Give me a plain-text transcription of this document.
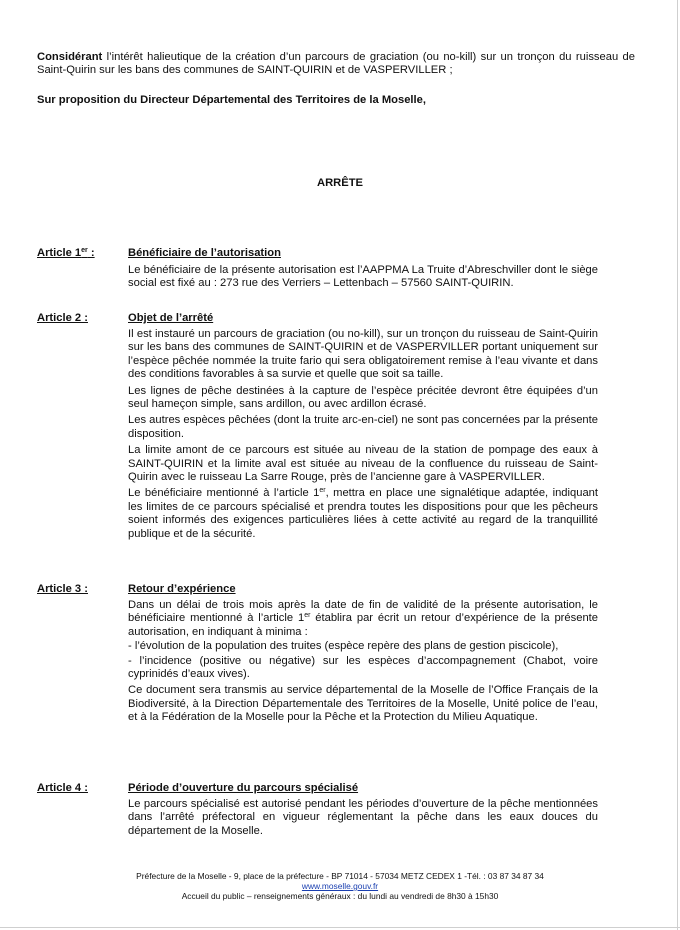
Considérant l’intérêt halieutique de la création d’un parcours de graciation (ou no-kill) sur un tronçon du ruisseau de Saint-Quirin sur les bans des communes de SAINT-QUIRIN et de VASPERVILLER ;
Sur proposition du Directeur Départemental des Territoires de la Moselle,
ARRÊTE
Article 1er :	Bénéficiaire de l’autorisation

Le bénéficiaire de la présente autorisation est l’AAPPMA La Truite d’Abreschviller dont le siège social est fixé au : 273 rue des Verriers – Lettenbach – 57560 SAINT-QUIRIN.

Article 2 :	Objet de l’arrêté

Il est instauré un parcours de graciation (ou no-kill), sur un tronçon du ruisseau de Saint-Quirin sur les bans des communes de SAINT-QUIRIN et de VASPERVILLER portant uniquement sur l’espèce pêchée nommée la truite fario qui sera obligatoirement remise à l’eau vivante et dans des conditions favorables à sa survie et quelle que soit sa taille.

Les lignes de pêche destinées à la capture de l’espèce précitée devront être équipées d’un seul hameçon simple, sans ardillon, ou avec ardillon écrasé.

Les autres espèces pêchées (dont la truite arc-en-ciel) ne sont pas concernées par la présente disposition.

La limite amont de ce parcours est située au niveau de la station de pompage des eaux à SAINT-QUIRIN et la limite aval est située au niveau de la confluence du ruisseau de Saint-Quirin avec le ruisseau La Sarre Rouge, près de l’ancienne gare à VASPERVILLER.

Le bénéficiaire mentionné à l’article 1er, mettra en place une signalétique adaptée, indiquant les limites de ce parcours spécialisé et prendra toutes les dispositions pour que les pêcheurs soient informés des exigences particulières liées à cette activité au regard de la tranquillité publique et de la sécurité.

Article 3 :	Retour d’expérience

Dans un délai de trois mois après la date de fin de validité de la présente autorisation, le bénéficiaire mentionné à l’article 1er établira par écrit un retour d’expérience de la présente autorisation, en indiquant à minima :

- l’évolution de la population des truites (espèce repère des plans de gestion piscicole),

- l’incidence (positive ou négative) sur les espèces d’accompagnement (Chabot, voire cyprinidés d’eaux vives).

Ce document sera transmis au service départemental de la Moselle de l’Office Français de la Biodiversité, à la Direction Départementale des Territoires de la Moselle, Unité police de l’eau, et à la Fédération de la Moselle pour la Pêche et la Protection du Milieu Aquatique.

Article 4 :	Période d’ouverture du parcours spécialisé

Le parcours spécialisé est autorisé pendant les périodes d’ouverture de la pêche mentionnées dans l’arrêté préfectoral en vigueur réglementant la pêche dans les eaux douces du département de la Moselle.

Préfecture de la Moselle - 9, place de la préfecture - BP 71014 - 57034 METZ CEDEX 1 -Tél. : 03 87 34 87 34
www.moselle.gouv.fr
Accueil du public – renseignements généraux : du lundi au vendredi de 8h30 à 15h30
